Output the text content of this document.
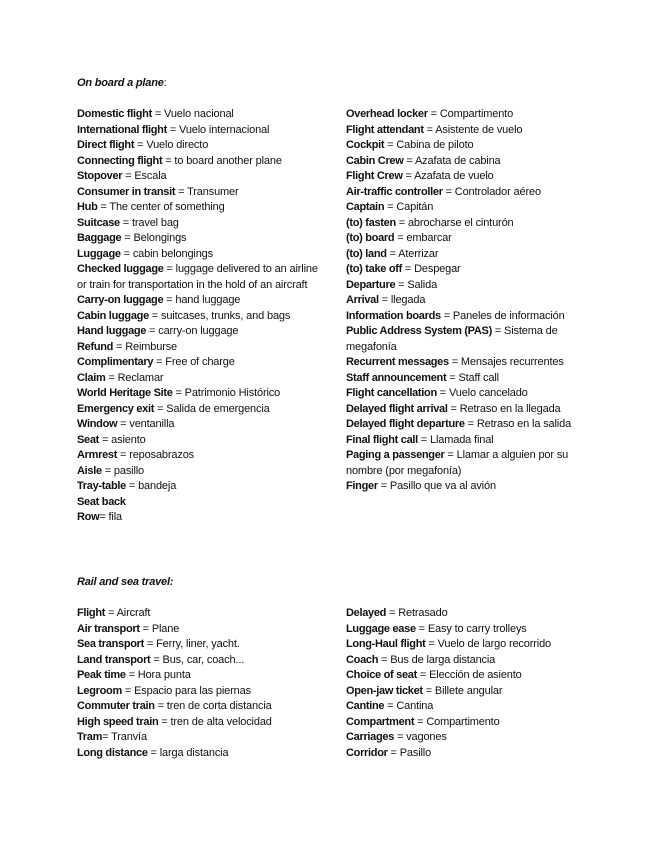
On board a plane:
Domestic flight = Vuelo nacional
International flight = Vuelo internacional
Direct flight = Vuelo directo
Connecting flight = to board another plane
Stopover = Escala
Consumer in transit = Transumer
Hub = The center of something
Suitcase = travel bag
Baggage = Belongings
Luggage = cabin belongings
Checked luggage = luggage delivered to an airline or train for transportation in the hold of an aircraft
Carry-on luggage = hand luggage
Cabin luggage = suitcases, trunks, and bags
Hand luggage = carry-on luggage
Refund = Reimburse
Complimentary = Free of charge
Claim = Reclamar
World Heritage Site = Patrimonio Histórico
Emergency exit = Salida de emergencia
Window = ventanilla
Seat = asiento
Armrest = reposabrazos
Aisle = pasillo
Tray-table = bandeja
Seat back
Row= fila
Overhead locker = Compartimento
Flight attendant = Asistente de vuelo
Cockpit = Cabina de piloto
Cabin Crew = Azafata de cabina
Flight Crew = Azafata de vuelo
Air-traffic controller = Controlador aéreo
Captain = Capitán
(to) fasten = abrocharse el cinturón
(to) board = embarcar
(to) land = Aterrizar
(to) take off = Despegar
Departure = Salida
Arrival = llegada
Information boards = Paneles de información
Public Address System (PAS) = Sistema de megafonía
Recurrent messages = Mensajes recurrentes
Staff announcement = Staff call
Flight cancellation = Vuelo cancelado
Delayed flight arrival = Retraso en la llegada
Delayed flight departure = Retraso en la salida
Final flight call = Llamada final
Paging a passenger = Llamar a alguien por su nombre (por megafonía)
Finger = Pasillo que va al avión
Rail and sea travel:
Flight = Aircraft
Air transport = Plane
Sea transport = Ferry, liner, yacht.
Land transport = Bus, car, coach...
Peak time = Hora punta
Legroom = Espacio para las piernas
Commuter train = tren de corta distancia
High speed train = tren de alta velocidad
Tram= Tranvía
Long distance = larga distancia
Delayed = Retrasado
Luggage ease = Easy to carry trolleys
Long-Haul flight = Vuelo de largo recorrido
Coach = Bus de larga distancia
Choice of seat = Elección de asiento
Open-jaw ticket = Billete angular
Cantine = Cantina
Compartment = Compartimento
Carriages = vagones
Corridor = Pasillo
